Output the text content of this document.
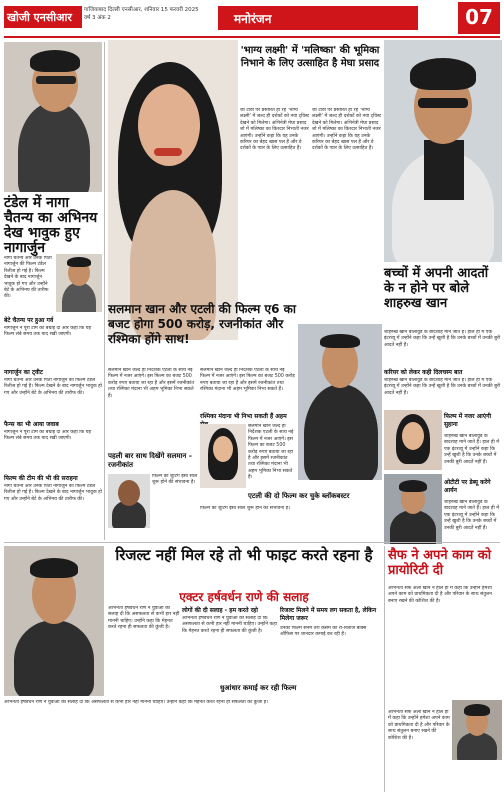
खोजी एनसीआर
गाजियाबाद दिल्ली एनसीआर, शनिवार 15 फरवरी 2025
वर्ष 3 अंक 2	मनोरंजन	07
टंडेल में नागा चैतन्य का अभिनय देख भावुक हुए नागार्जुन
नागा चैतन्य और उनके पिता नागार्जुन की फिल्म टंडेल रिलीज हो गई है। फिल्म देखने के बाद नागार्जुन भावुक हो गए और उन्होंने बेटे के अभिनय की तारीफ की।
बेटे चैतन्य पर हुआ गर्व
नागार्जुन ने पूरी टीम को बधाई दी और कहा कि यह फिल्म लंबे समय तक याद रखी जाएगी।
नागार्जुन का ट्वीट
नागा चैतन्य और उनके पिता नागार्जुन की फिल्म टंडेल रिलीज हो गई है। फिल्म देखने के बाद नागार्जुन भावुक हो गए और उन्होंने बेटे के अभिनय की तारीफ की।
फैन्स का भी आया जवाब
नागार्जुन ने पूरी टीम को बधाई दी और कहा कि यह फिल्म लंबे समय तक याद रखी जाएगी।
फिल्म की टीम की भी की सराहना
नागा चैतन्य और उनके पिता नागार्जुन की फिल्म टंडेल रिलीज हो गई है। फिल्म देखने के बाद नागार्जुन भावुक हो गए और उन्होंने बेटे के अभिनय की तारीफ की।
'भाग्य लक्ष्मी' में 'मलिष्का' की भूमिका निभाने के लिए उत्साहित है मेघा प्रसाद
जी टीवी पर प्रसारित हो रहे 'भाग्य लक्ष्मी' में जल्द ही दर्शकों को नया ट्विस्ट देखने को मिलेगा। अभिनेत्री मेघा प्रसाद शो में मलिष्का का किरदार निभाती नजर आएंगी। उन्होंने कहा कि यह उनके करियर का बेहद खास पल है और वे दर्शकों के प्यार के लिए उत्साहित हैं।
जी टीवी पर प्रसारित हो रहे 'भाग्य लक्ष्मी' में जल्द ही दर्शकों को नया ट्विस्ट देखने को मिलेगा। अभिनेत्री मेघा प्रसाद शो में मलिष्का का किरदार निभाती नजर आएंगी। उन्होंने कहा कि यह उनके करियर का बेहद खास पल है और वे दर्शकों के प्यार के लिए उत्साहित हैं।
बच्चों में अपनी आदतों के न होने पर बोले शाहरुख खान
शाहरुख खान बॉलीवुड के बादशाह माने जाते हैं। हाल ही में एक इंटरव्यू में उन्होंने कहा कि उन्हें खुशी है कि उनके बच्चों में उनकी बुरी आदतें नहीं हैं।
करियर को लेकर कही दिलचस्प बात
शाहरुख खान बॉलीवुड के बादशाह माने जाते हैं। हाल ही में एक इंटरव्यू में उन्होंने कहा कि उन्हें खुशी है कि उनके बच्चों में उनकी बुरी आदतें नहीं हैं।
फिल्म में नजर आएंगी सुहाना
शाहरुख खान बॉलीवुड के बादशाह माने जाते हैं। हाल ही में एक इंटरव्यू में उन्होंने कहा कि उन्हें खुशी है कि उनके बच्चों में उनकी बुरी आदतें नहीं हैं।
ओटीटी पर डेब्यू करेंगे आर्यन
शाहरुख खान बॉलीवुड के बादशाह माने जाते हैं। हाल ही में एक इंटरव्यू में उन्होंने कहा कि उन्हें खुशी है कि उनके बच्चों में उनकी बुरी आदतें नहीं हैं।
सलमान खान और एटली की फिल्म ए6 का बजट होगा 500 करोड़, रजनीकांत और रश्मिका होंगे साथ!
सलमान खान जल्द ही निर्देशक एटली के साथ नई फिल्म में नजर आएंगे। इस फिल्म का बजट 500 करोड़ रुपए बताया जा रहा है और इसमें रजनीकांत तथा रश्मिका मंदाना भी अहम भूमिका निभा सकते हैं।
सलमान खान जल्द ही निर्देशक एटली के साथ नई फिल्म में नजर आएंगे। इस फिल्म का बजट 500 करोड़ रुपए बताया जा रहा है और इसमें रजनीकांत तथा रश्मिका मंदाना भी अहम भूमिका निभा सकते हैं।
रश्मिका मंदाना भी निभा सकती हैं अहम
सलमान खान जल्द ही निर्देशक एटली के साथ नई फिल्म में नजर आएंगे। इस फिल्म का बजट 500 करोड़ रुपए बताया जा रहा है और इसमें रजनीकांत तथा रश्मिका मंदाना भी अहम भूमिका निभा सकते हैं।
पहली बार साथ दिखेंगे सलमान – रजनीकांत
फिल्म की शूटिंग इसी साल शुरू होने की संभावना है।
एटली की दो फिल्म कर चुके ब्लॉकबस्टर
फिल्म की शूटिंग इसी साल शुरू होने की संभावना है।
रिजल्ट नहीं मिल रहे तो भी फाइट करते रहना है
एक्टर हर्षवर्धन राणे की सलाह
लोगों की दी सलाह - हम करते रहो
अभिनेता हर्षवर्धन राणे ने युवाओं को सलाह दी कि असफलता से कभी हार नहीं माननी चाहिए। उन्होंने कहा कि मेहनत करते रहना ही सफलता की कुंजी है।
अभिनेता हर्षवर्धन राणे ने युवाओं को सलाह दी कि असफलता से कभी हार नहीं माननी चाहिए। उन्होंने कहा कि मेहनत करते रहना ही सफलता की कुंजी है।
रिजल्ट मिलने में समय लग सकता है, लेकिन मिलेगा जरूर
उनकी फिल्म सनम तेरी कसम की री-रिलीज बॉक्स ऑफिस पर शानदार कमाई कर रही है।
धुआंधार कमाई कर रही फिल्म
अभिनेता हर्षवर्धन राणे ने युवाओं को सलाह दी कि असफलता से कभी हार नहीं माननी चाहिए। उन्होंने कहा कि मेहनत करते रहना ही सफलता की कुंजी है।
सैफ ने अपने काम को प्रायोरिटी दी
अभिनेता सैफ अली खान ने हाल ही में कहा कि उन्होंने हमेशा अपने काम को प्राथमिकता दी है और परिवार के साथ संतुलन बनाए रखने की कोशिश की है।
अभिनेता सैफ अली खान ने हाल ही में कहा कि उन्होंने हमेशा अपने काम को प्राथमिकता दी है और परिवार के साथ संतुलन बनाए रखने की कोशिश की है।
